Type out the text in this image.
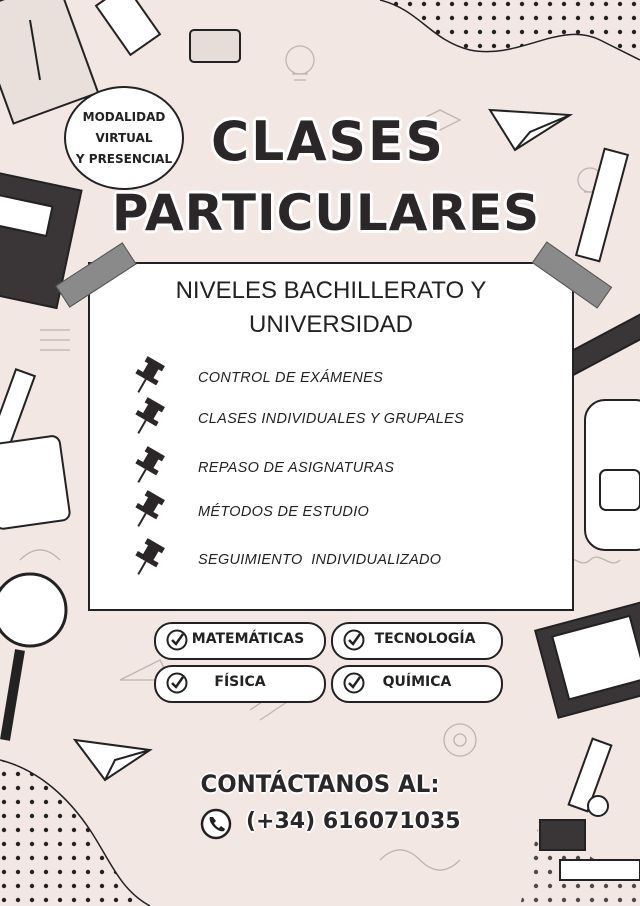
MODALIDAD
VIRTUAL
Y PRESENCIAL CLASES
PARTICULARES
NIVELES BACHILLERATO Y
UNIVERSIDAD
CONTROL DE EXÁMENES
CLASES INDIVIDUALES Y GRUPALES
REPASO DE ASIGNATURAS
MÉTODOS DE ESTUDIO
SEGUIMIENTO  INDIVIDUALIZADO
MATEMÁTICAS	TECNOLOGÍA
FÍSICA	QUÍMICA
CONTÁCTANOS AL:
(+34) 616071035
